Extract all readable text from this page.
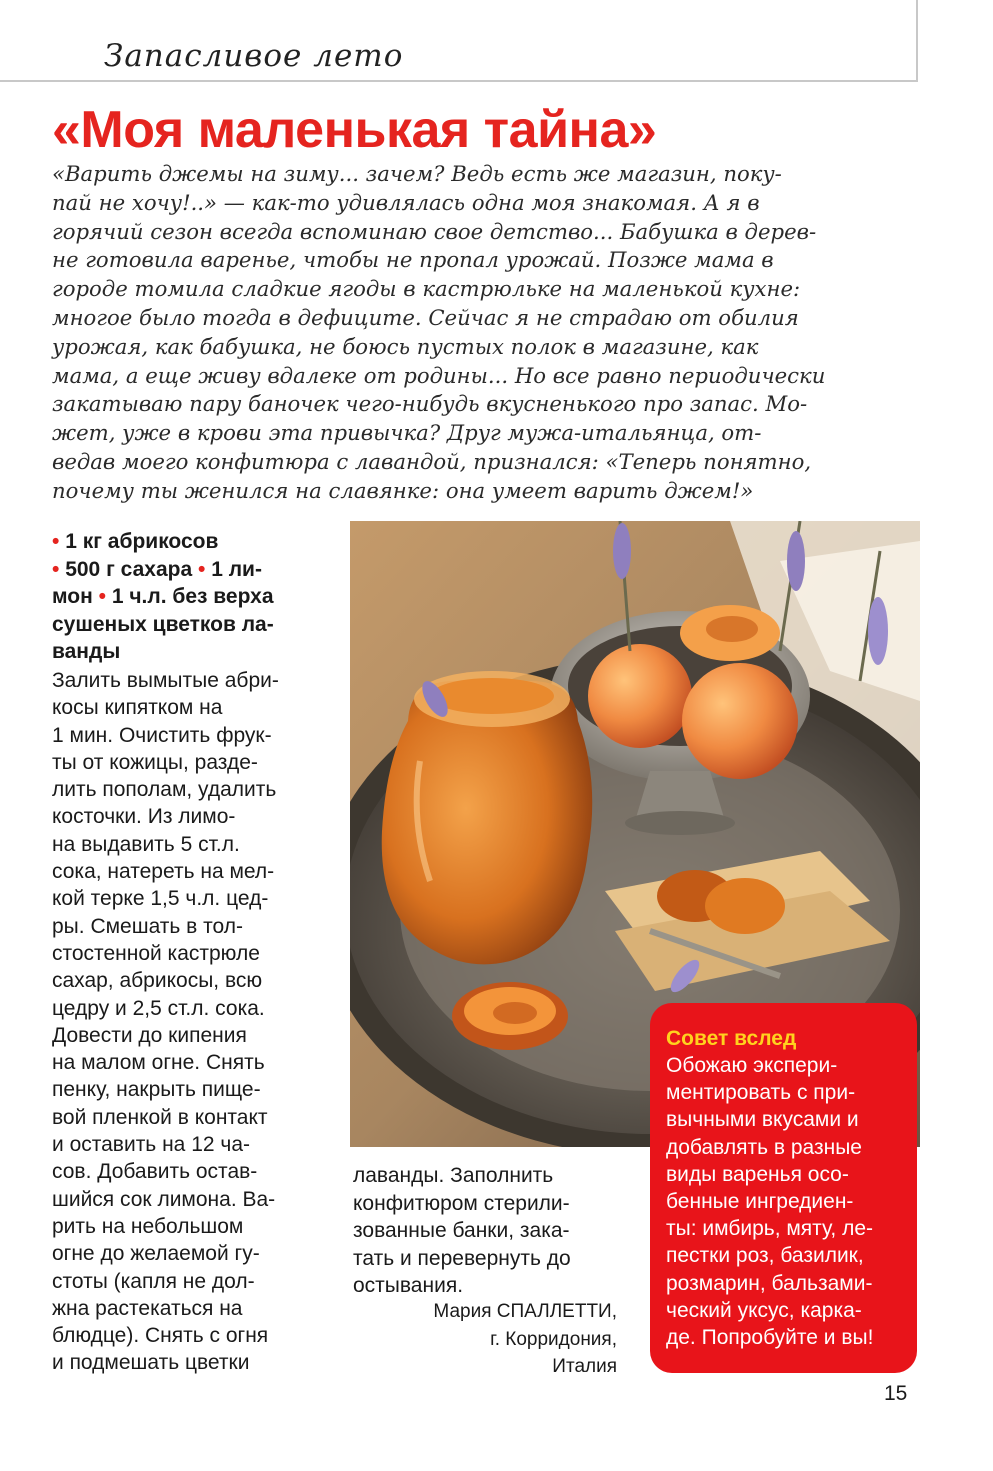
Запасливое лето
«Моя маленькая тайна»
«Варить джемы на зиму... зачем? Ведь есть же магазин, поку-
пай не хочу!..» — как-то удивлялась одна моя знакомая. А я в
горячий сезон всегда вспоминаю свое детство... Бабушка в дерев-
не готовила варенье, чтобы не пропал урожай. Позже мама в
городе томила сладкие ягоды в кастрюльке на маленькой кухне:
многое было тогда в дефиците. Сейчас я не страдаю от обилия
урожая, как бабушка, не боюсь пустых полок в магазине, как
мама, а еще живу вдалеке от родины... Но все равно периодически
закатываю пару баночек чего-нибудь вкусненького про запас. Мо-
жет, уже в крови эта привычка? Друг мужа-итальянца, от-
ведав моего конфитюра с лавандой, признался: «Теперь понятно,
почему ты женился на славянке: она умеет варить джем!»
• 1 кг абрикосов
• 500 г сахара • 1 ли-
мон • 1 ч.л. без верха
сушеных цветков ла-
ванды
Залить вымытые абри-
косы кипятком на
1 мин. Очистить фрук-
ты от кожицы, разде-
лить пополам, удалить
косточки. Из лимо-
на выдавить 5 ст.л.
сока, натереть на мел-
кой терке 1,5 ч.л. цед-
ры. Смешать в тол-
стостенной кастрюле
сахар, абрикосы, всю
цедру и 2,5 ст.л. сока.
Довести до кипения
на малом огне. Снять
пенку, накрыть пище-
вой пленкой в контакт
и оставить на 12 ча-
сов. Добавить остав-
шийся сок лимона. Ва-
рить на небольшом
огне до желаемой гу-
стоты (капля не дол-
жна растекаться на
блюдце). Снять с огня
и подмешать цветки
лаванды. Заполнить
конфитюром стерили-
зованные банки, зака-
тать и перевернуть до
остывания.
Мария СПАЛЛЕТТИ,
г. Корридония,
Италия
Совет вслед
Обожаю экспери-
ментировать с при-
вычными вкусами и
добавлять в разные
виды варенья осо-
бенные ингредиен-
ты: имбирь, мяту, ле-
пестки роз, базилик,
розмарин, бальзами-
ческий уксус, карка-
де. Попробуйте и вы!
15
